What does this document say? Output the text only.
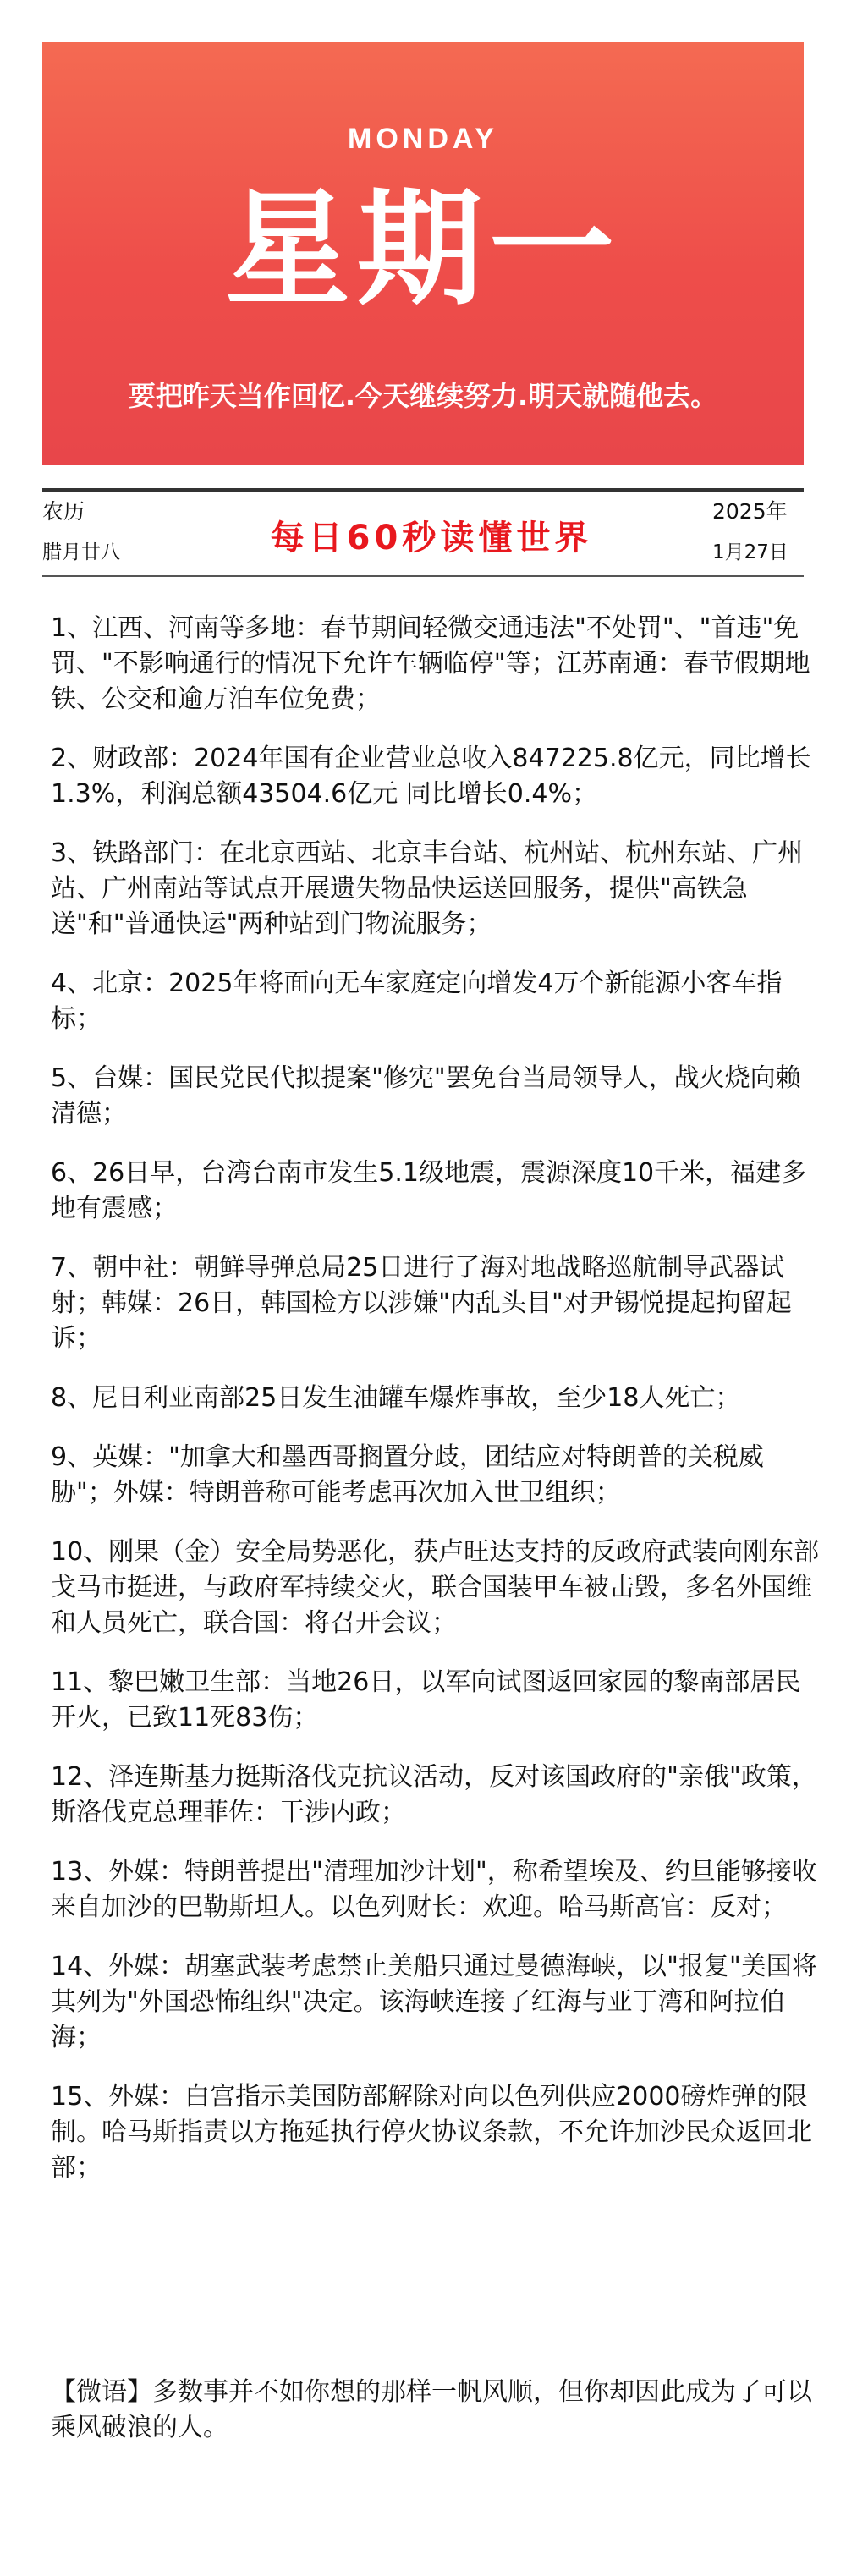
MONDAY
星期一
要把昨天当作回忆.今天继续努力.明天就随他去。
农历
腊月廿八	每日60秒读懂世界
2025年
1月27日
1、江西、河南等多地：春节期间轻微交通违法"不处罚"、"首违"免罚、"不影响通行的情况下允许车辆临停"等；江苏南通：春节假期地铁、公交和逾万泊车位免费；
2、财政部：2024年国有企业营业总收入847225.8亿元，同比增长1.3%，利润总额43504.6亿元 同比增长0.4%；
3、铁路部门：在北京西站、北京丰台站、杭州站、杭州东站、广州站、广州南站等试点开展遗失物品快运送回服务，提供"高铁急送"和"普通快运"两种站到门物流服务；
4、北京：2025年将面向无车家庭定向增发4万个新能源小客车指标；
5、台媒：国民党民代拟提案"修宪"罢免台当局领导人，战火烧向赖清德；
6、26日早，台湾台南市发生5.1级地震，震源深度10千米，福建多地有震感；
7、朝中社：朝鲜导弹总局25日进行了海对地战略巡航制导武器试射；韩媒：26日，韩国检方以涉嫌"内乱头目"对尹锡悦提起拘留起诉；
8、尼日利亚南部25日发生油罐车爆炸事故，至少18人死亡；
9、英媒："加拿大和墨西哥搁置分歧，团结应对特朗普的关税威胁"；外媒：特朗普称可能考虑再次加入世卫组织；
10、刚果（金）安全局势恶化，获卢旺达支持的反政府武装向刚东部戈马市挺进，与政府军持续交火，联合国装甲车被击毁，多名外国维和人员死亡，联合国：将召开会议；
11、黎巴嫩卫生部：当地26日，以军向试图返回家园的黎南部居民开火，已致11死83伤；
12、泽连斯基力挺斯洛伐克抗议活动，反对该国政府的"亲俄"政策，斯洛伐克总理菲佐：干涉内政；
13、外媒：特朗普提出"清理加沙计划"，称希望埃及、约旦能够接收来自加沙的巴勒斯坦人。以色列财长：欢迎。哈马斯高官：反对；
14、外媒：胡塞武装考虑禁止美船只通过曼德海峡，以"报复"美国将其列为"外国恐怖组织"决定。该海峡连接了红海与亚丁湾和阿拉伯海；
15、外媒：白宫指示美国防部解除对向以色列供应2000磅炸弹的限制。哈马斯指责以方拖延执行停火协议条款，不允许加沙民众返回北部；
【微语】多数事并不如你想的那样一帆风顺，但你却因此成为了可以乘风破浪的人。
